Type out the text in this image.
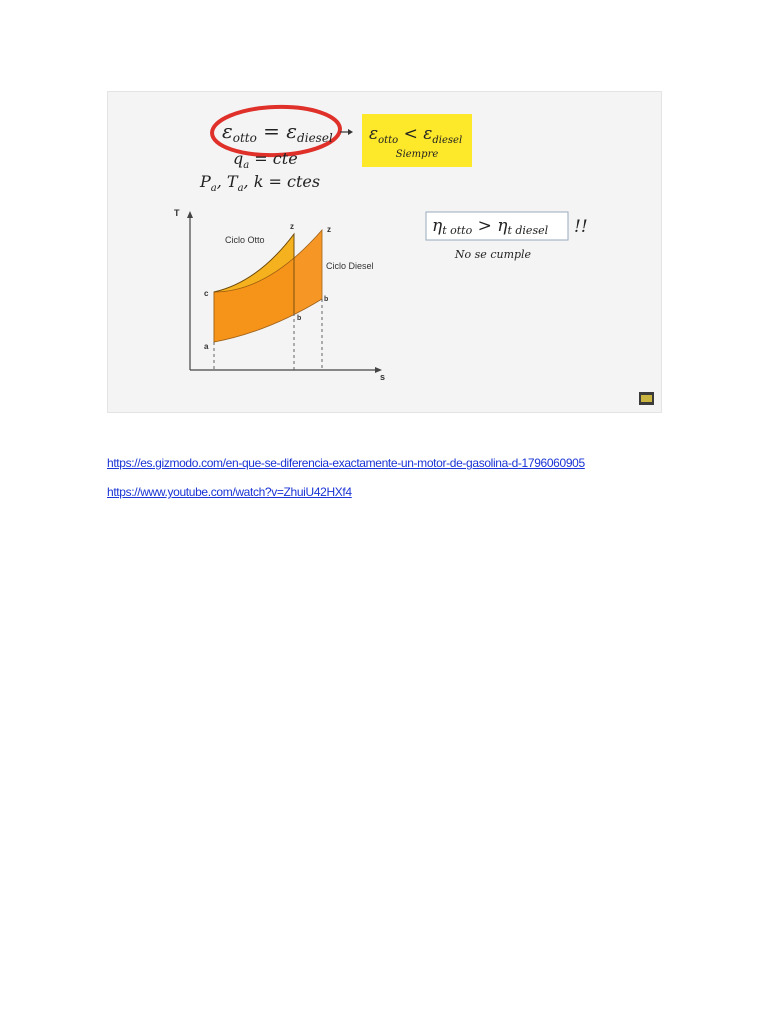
$\varepsilon_{otto} = \varepsilon_{diesel}$
$q_a$ = cte
$P_a$, $T_a$, k = ctes
$\varepsilon_{otto} < \varepsilon_{diesel}$
Siempre
ηt otto > ηt diesel !!
No se cumple
T
s
Ciclo Otto
Ciclo Diesel
z	z
c
a
b
b
https://es.gizmodo.com/en-que-se-diferencia-exactamente-un-motor-de-gasolina-d-1796060905
https://www.youtube.com/watch?v=ZhuiU42HXf4
